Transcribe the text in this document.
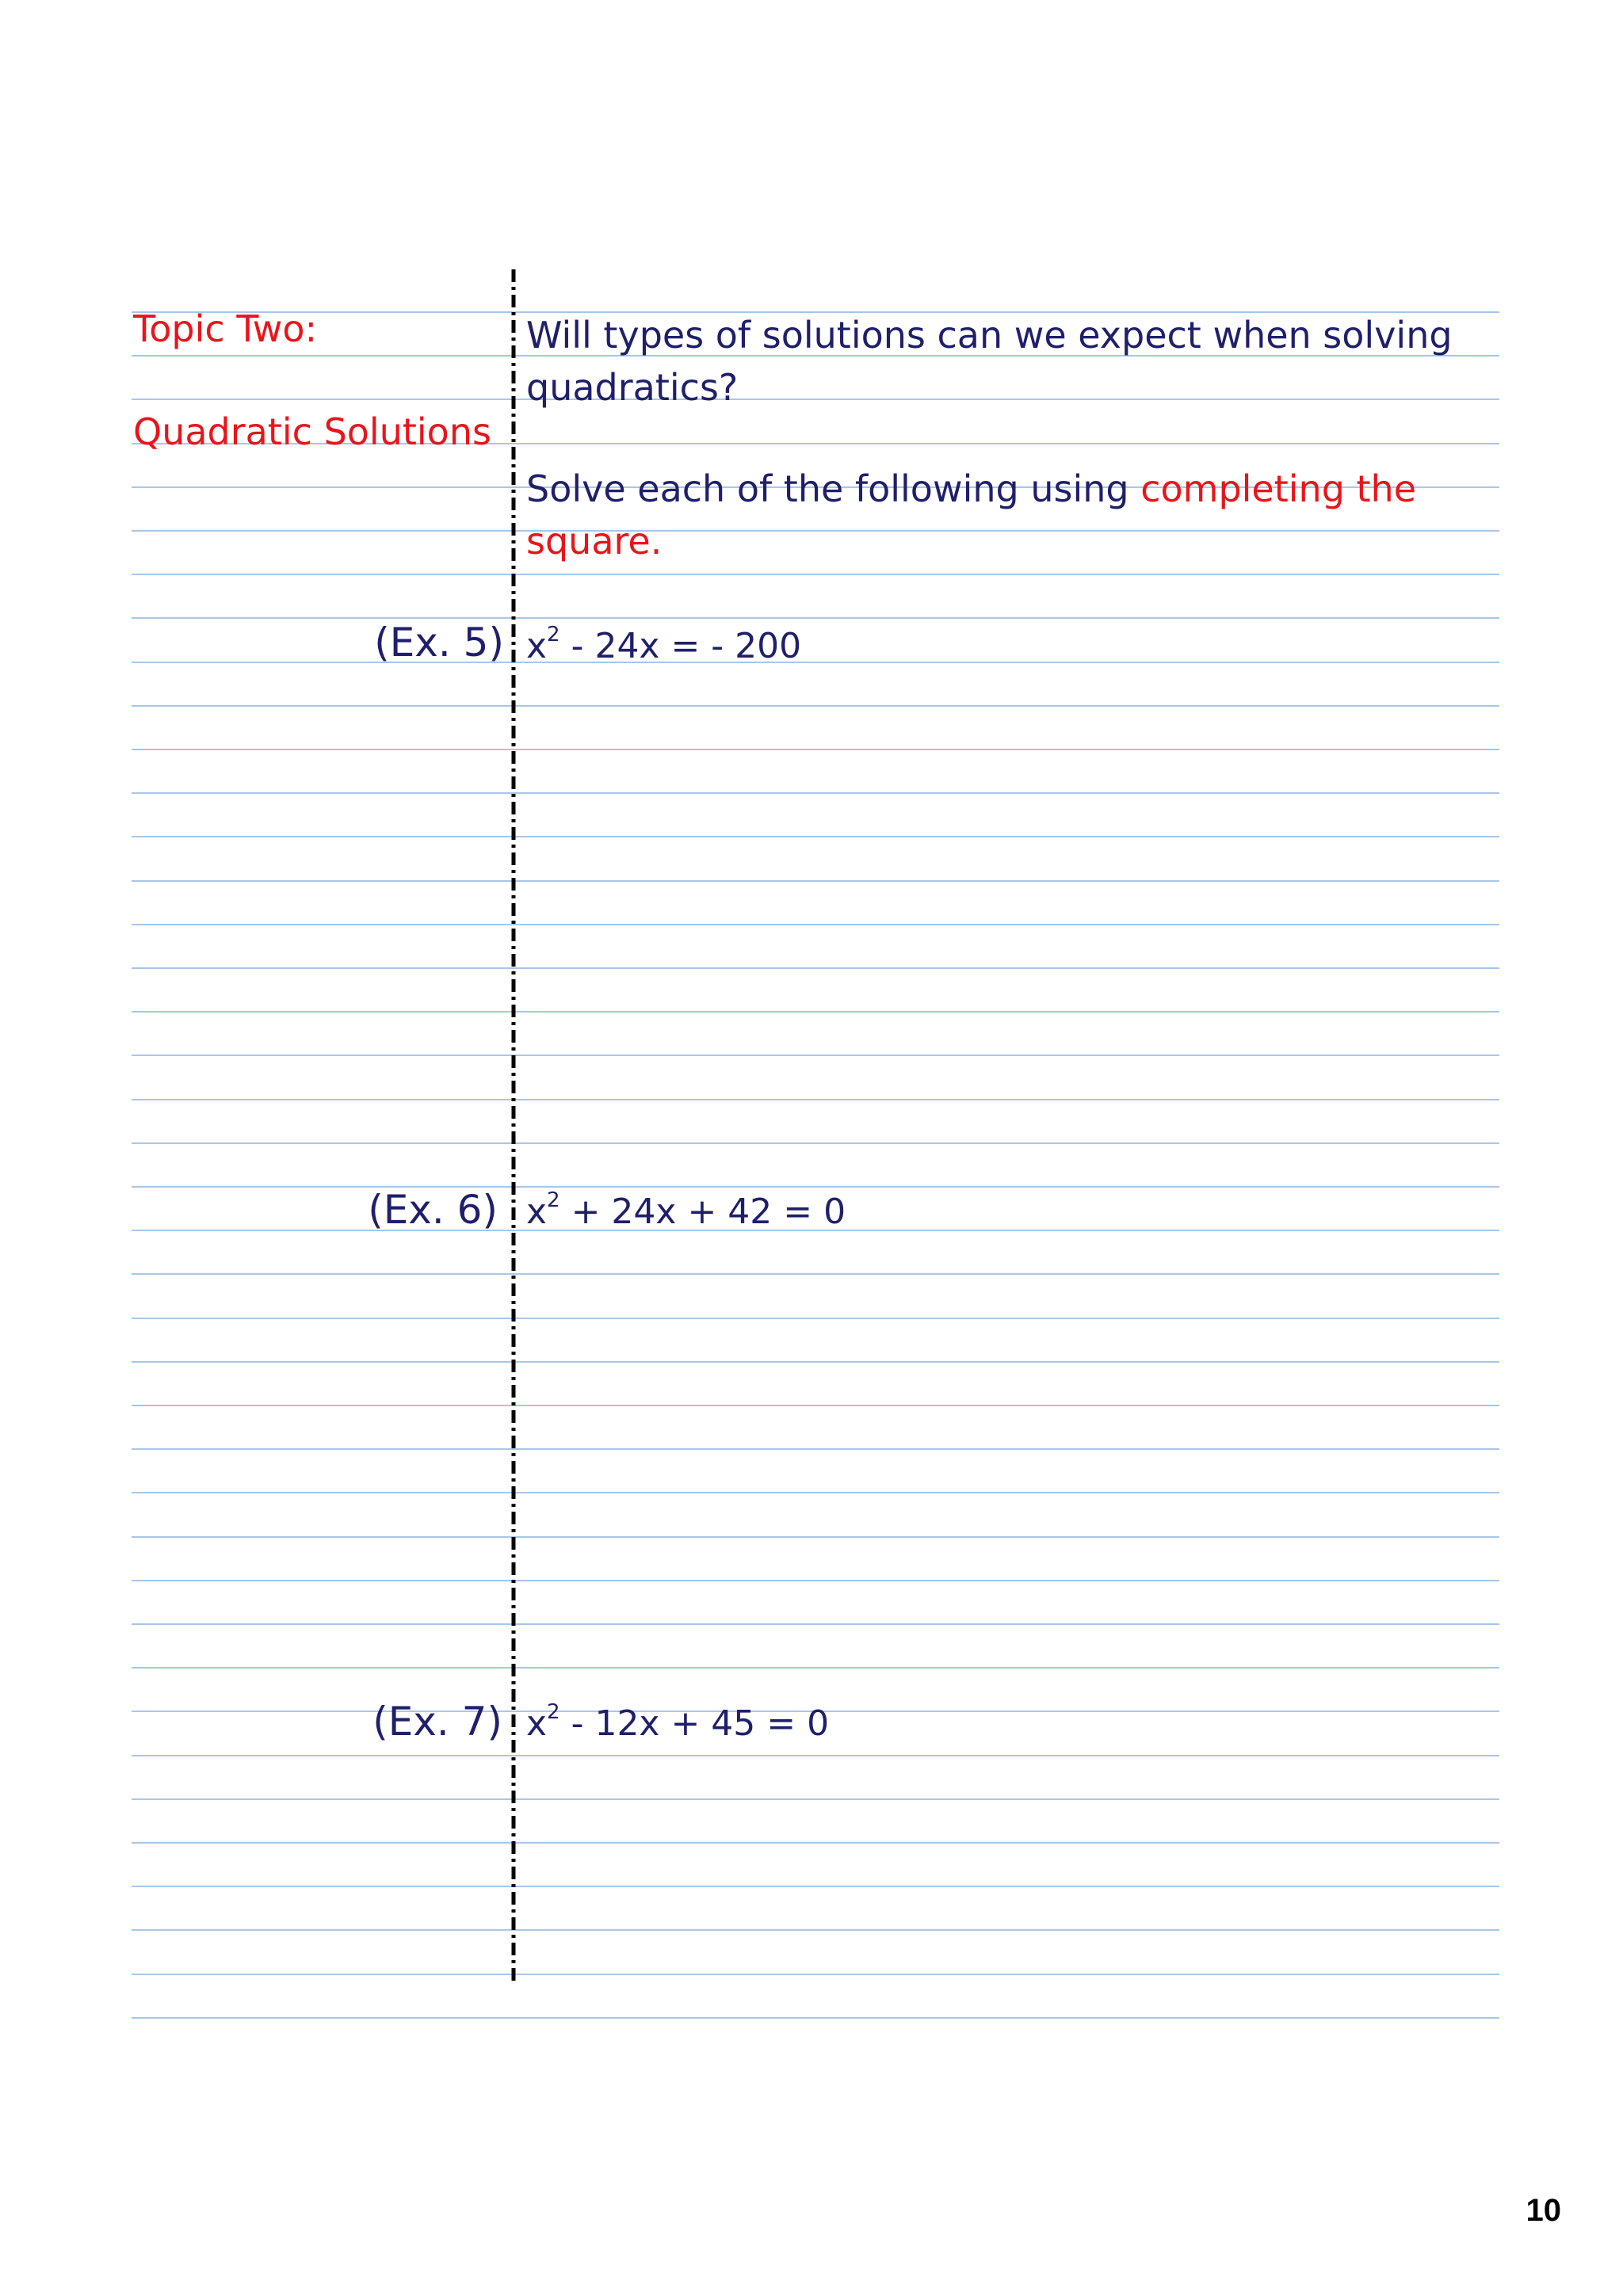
Topic Two:
Quadratic Solutions
Will types of solutions can we expect when solving
quadratics?
Solve each of the following using completing the
square.
(Ex. 5) $x^2 - 24x$ = - 200
(Ex. 6) $x^2 + 24x + 42 = 0$
(Ex. 7) $x^2 - 12x + 45 = 0$
10
